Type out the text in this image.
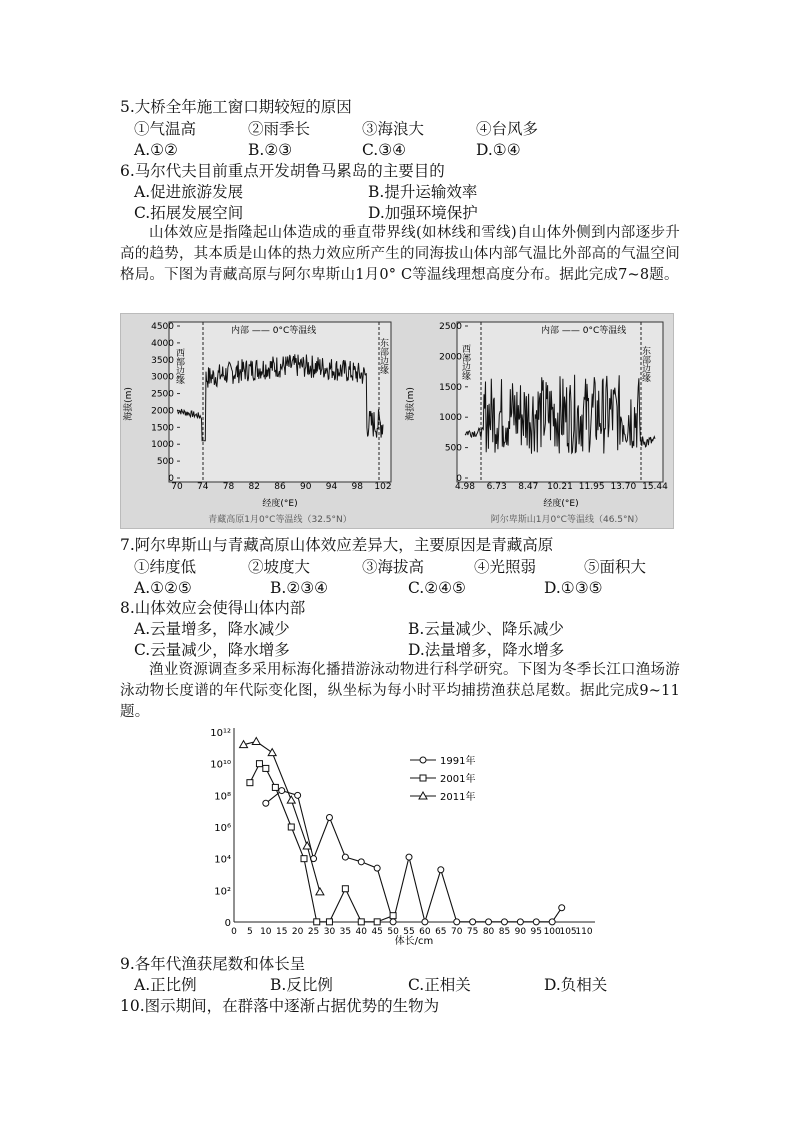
5.大桥全年施工窗口期较短的原因
①气温高	②雨季长	③海浪大	④台风多
A.①②	B.②③	C.③④	D.①④
6.马尔代夫目前重点开发胡鲁马累岛的主要目的
A.促进旅游发展	B.提升运输效率
C.拓展发展空间	D.加强环境保护
山体效应是指隆起山体造成的垂直带界线(如林线和雪线)自山体外侧到内部逐步升高的趋势，其本质是山体的热力效应所产生的同海拔山体内部气温比外部高的气温空间格局。下图为青藏高原与阿尔卑斯山1月0° C等温线理想高度分布。据此完成7~8题。
4500
4000
3500
3000
2500
2000
1500
1000
500
0
70 74 78 82 86 90 94 98 102
海拔(m)
经度(°E)
青藏高原1月0°C等温线（32.5°N）
内部 —— 0°C等温线
西部边缘	东部边缘
2500
2000
1500
1000
500
0
4.98 6.73 8.47 10.21 11.95 13.70 15.44
海拔(m)
经度(°E)
阿尔卑斯山1月0°C等温线（46.5°N）
内部 —— 0°C等温线
西部边缘	东部边缘
7.阿尔卑斯山与青藏高原山体效应差异大，主要原因是青藏高原
①纬度低	②坡度大	③海拔高	④光照弱	⑤面积大
A.①②⑤	B.②③④	C.②④⑤	D.①③⑤
8.山体效应会使得山体内部
A.云量增多，降水减少	B.云量减少、降乐减少
C.云量减少，降水增多	D.法量增多，降水增多
渔业资源调查多采用标海化播措游泳动物进行科学研究。下图为冬季长江口渔场游泳动物长度谱的年代际变化图，纵坐标为每小时平均捕捞渔获总尾数。据此完成9~11题。
10¹²
10¹⁰
10⁸
10⁶
10⁴
10²
0
0 5 10 15 20 25 30 35 40 45 50 55 60 65 70 75 80 85 90 95 100
105
110
1991年
2001年
2011年
体长/cm
9.各年代渔获尾数和体长呈
A.正比例	B.反比例	C.正相关	D.负相关
10.图示期间，在群落中逐渐占据优势的生物为
